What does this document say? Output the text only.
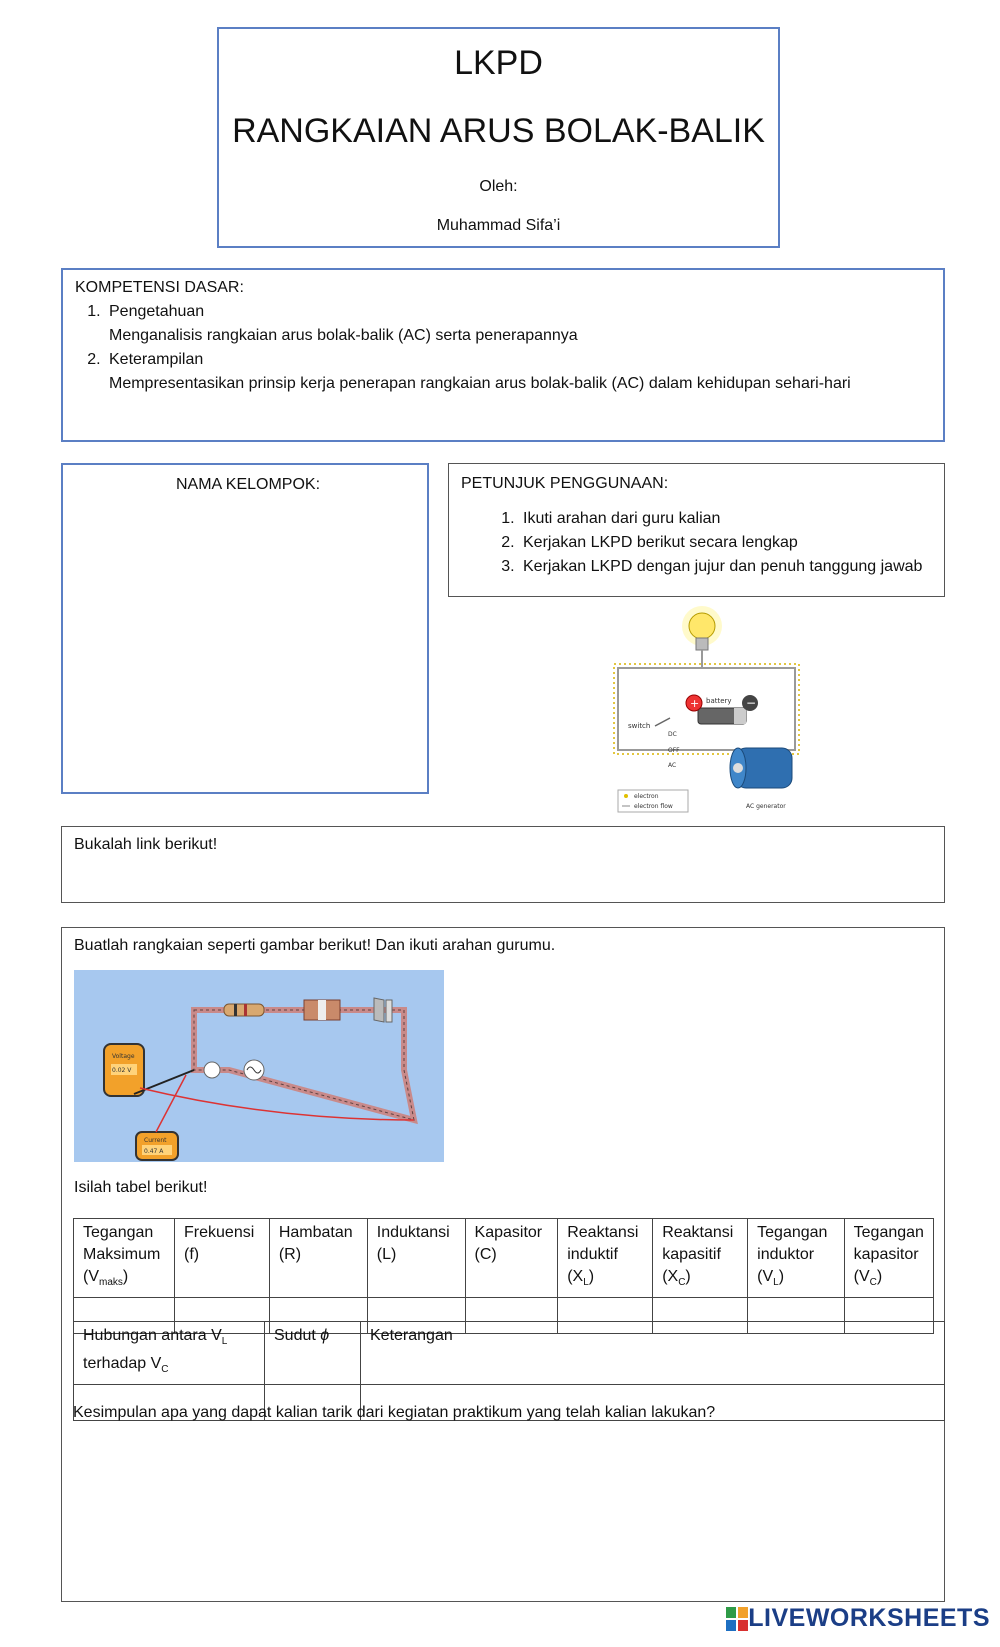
LKPD
RANGKAIAN ARUS BOLAK-BALIK
Oleh:
Muhammad Sifa’i
KOMPETENSI DASAR:
1. Pengetahuan
Menganalisis rangkaian arus bolak-balik (AC) serta penerapannya
2. Keterampilan
Mempresentasikan prinsip kerja penerapan rangkaian arus bolak-balik (AC) dalam kehidupan sehari-hari
NAMA KELOMPOK:	PETUNJUK PENGGUNAAN:
1. Ikuti arahan dari guru kalian
2. Kerjakan LKPD berikut secara lengkap
3. Kerjakan LKPD dengan jujur dan penuh tanggung jawab
+	−
battery
switch
DC
OFF
AC
AC generator
electron
electron flow
Bukalah link berikut!
Buatlah rangkaian seperti gambar berikut! Dan ikuti arahan gurumu.
Voltage
0.02 V
Current
0.47 A
Isilah tabel berikut!
Tegangan
Maksimum
$(V_{maks})$	Frekuensi
(f)	Hambatan
(R)	Induktansi
(L)	Kapasitor
(C)	Reaktansi
induktif
$(X_L)$	Reaktansi
kapasitif
$(X_C)$	Tegangan
induktor
$(V_L)$	Tegangan
kapasitor
$(V_C)$

Hubungan antara $V_L$
terhadap $V_C$	Sudut ϕ	Keterangan

Kesimpulan apa yang dapat kalian tarik dari kegiatan praktikum yang telah kalian lakukan?
LIVEWORKSHEETS
